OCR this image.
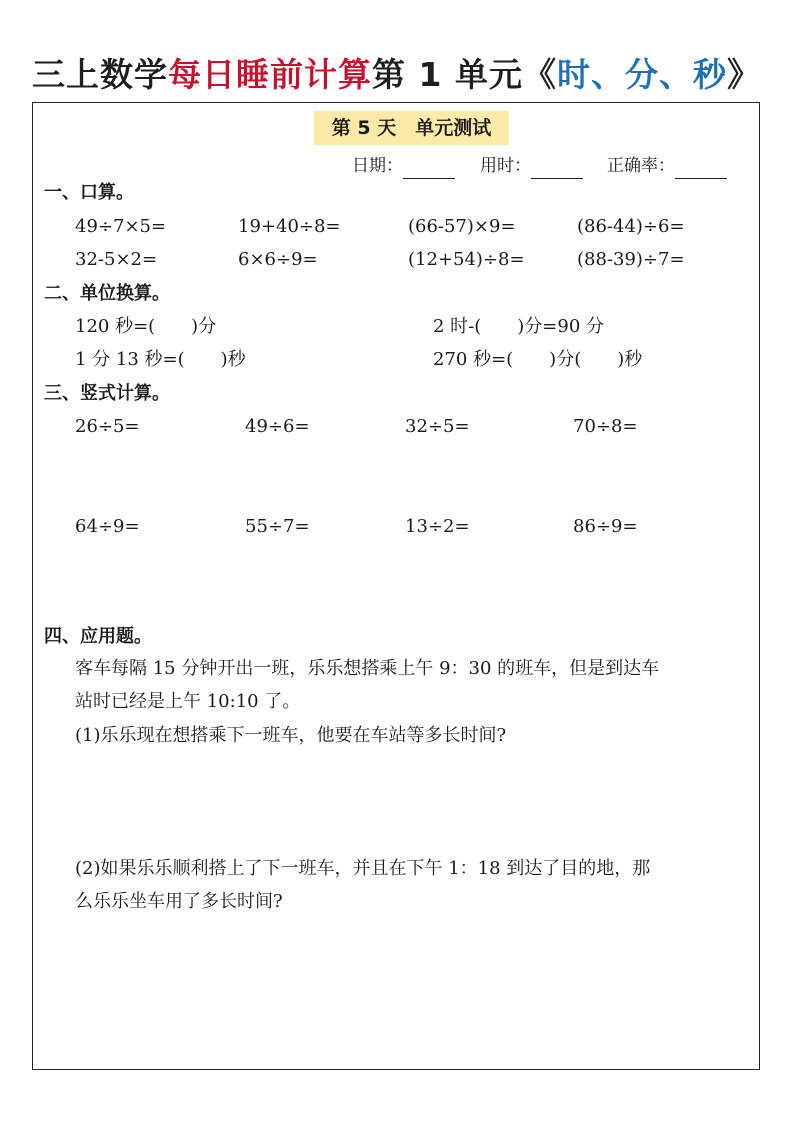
三上数学每日睡前计算第 1 单元《时、分、秒》
第 5 天　单元测试
日期：	用时：	正确率：
一、口算。
49÷7×5=	19+40÷8=	(66-57)×9=	(86-44)÷6=
32-5×2=	6×6÷9=	(12+54)÷8=	(88-39)÷7=
二、单位换算。
120 秒=(　　)分	2 时-(　　)分=90 分
1 分 13 秒=(　　)秒	270 秒=(　　)分(　　)秒
三、竖式计算。
26÷5=	49÷6=	32÷5=	70÷8=
64÷9=	55÷7=	13÷2=	86÷9=
四、应用题。
客车每隔 15 分钟开出一班，乐乐想搭乘上午 9：30 的班车，但是到达车
站时已经是上午 10:10 了。
(1)乐乐现在想搭乘下一班车，他要在车站等多长时间?
(2)如果乐乐顺利搭上了下一班车，并且在下午 1：18 到达了目的地，那
么乐乐坐车用了多长时间?
